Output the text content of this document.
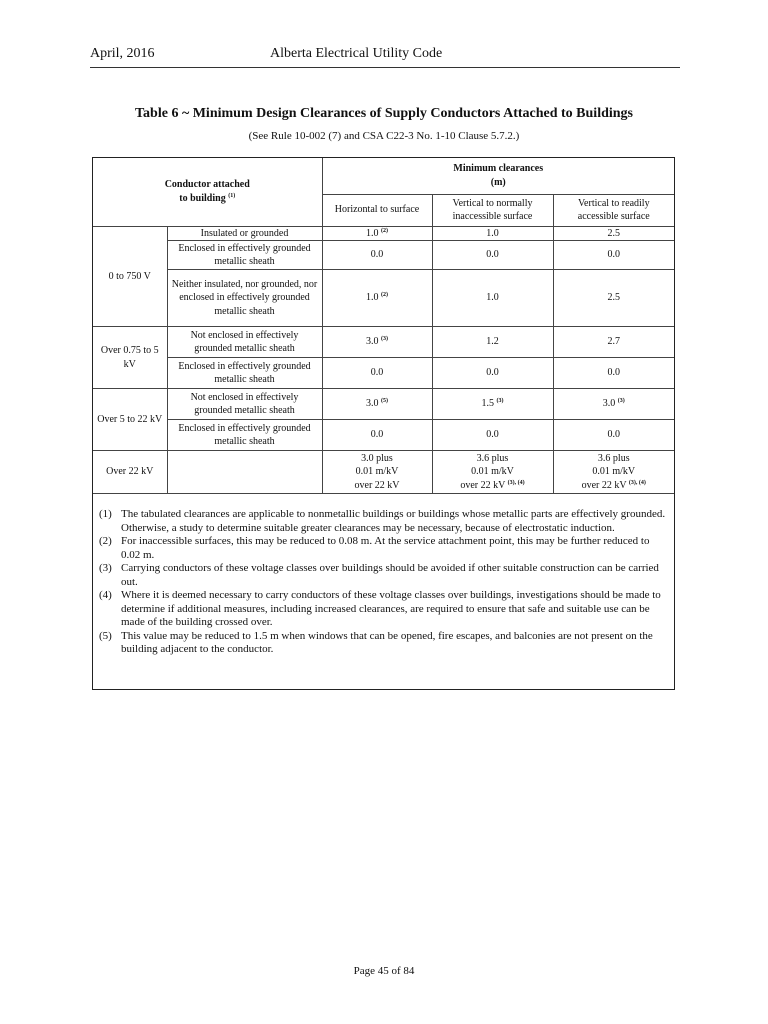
April, 2016	Alberta Electrical Utility Code
Table 6 ~ Minimum Design Clearances of Supply Conductors Attached to Buildings
(See Rule 10-002 (7) and CSA C22-3 No. 1-10 Clause 5.7.2.)
Conductor attached
to building $^{(1)}$		Minimum clearances
(m)		
		Horizontal to surface	Vertical to normally inaccessible surface	Vertical to readily accessible surface
0 to 750 V	Insulated or grounded	1.0 $^{(2)}$	1.0	2.5
	Enclosed in effectively grounded metallic sheath	0.0	0.0	0.0
	Neither insulated, nor grounded, nor enclosed in effectively grounded metallic sheath	1.0 $^{(2)}$	1.0	2.5
Over 0.75 to 5 kV	Not enclosed in effectively grounded metallic sheath	3.0 $^{(3)}$	1.2	2.7
	Enclosed in effectively grounded metallic sheath	0.0	0.0	0.0
Over 5 to 22 kV	Not enclosed in effectively grounded metallic sheath	3.0 $^{(5)}$	1.5 $^{(3)}$	3.0 $^{(3)}$
	Enclosed in effectively grounded metallic sheath	0.0	0.0	0.0
Over 22 kV		3.0 plus
0.01 m/kV
over 22 kV	3.6 plus
0.01 m/kV
over 22 kV $^{(3), (4)}$	3.6 plus
0.01 m/kV
over 22 kV $^{(3), (4)}$
(1) The tabulated clearances are applicable to nonmetallic buildings or buildings whose metallic parts are effectively grounded. Otherwise, a study to determine suitable greater clearances may be necessary, because of electrostatic induction.
(2) For inaccessible surfaces, this may be reduced to 0.08 m. At the service attachment point, this may be further reduced to 0.02 m.
(3) Carrying conductors of these voltage classes over buildings should be avoided if other suitable construction can be carried out.
(4) Where it is deemed necessary to carry conductors of these voltage classes over buildings, investigations should be made to determine if additional measures, including increased clearances, are required to ensure that safe and suitable use can be made of the building crossed over.
(5) This value may be reduced to 1.5 m when windows that can be opened, fire escapes, and balconies are not present on the building adjacent to the conductor.
Page 45 of 84
